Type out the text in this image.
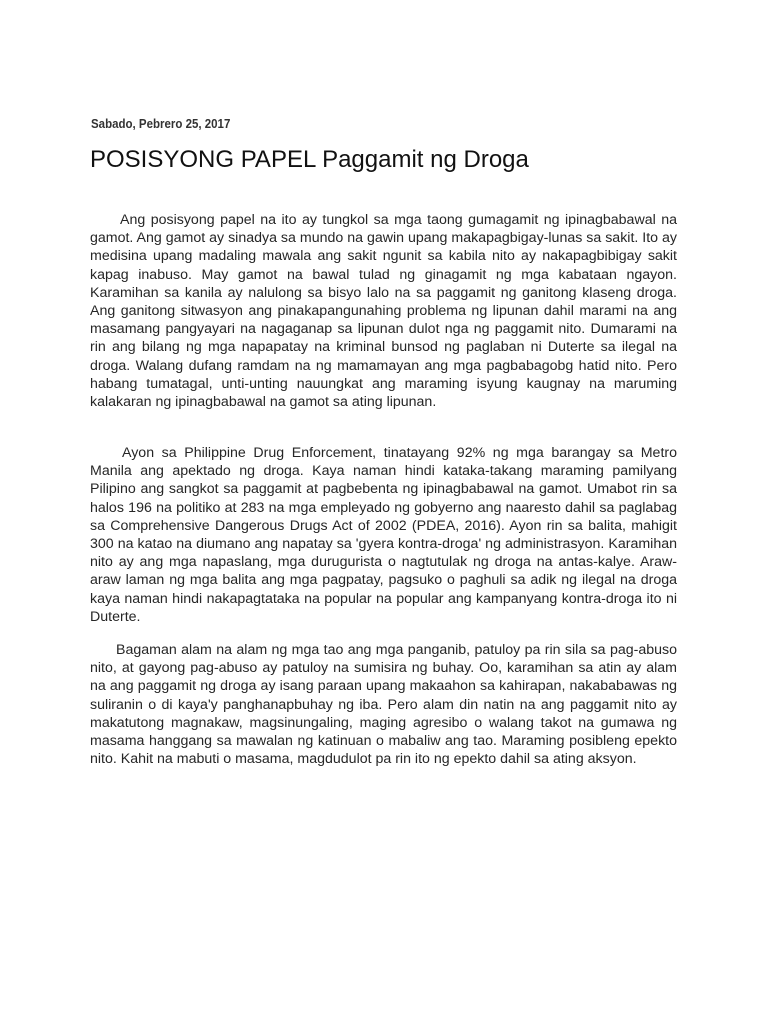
Sabado, Pebrero 25, 2017
POSISYONG PAPEL Paggamit ng Droga

Ang posisyong papel na ito ay tungkol sa mga taong gumagamit ng ipinagbabawal na gamot. Ang gamot ay sinadya sa mundo na gawin upang makapagbigay-lunas sa sakit. Ito ay medisina upang madaling mawala ang sakit ngunit sa kabila nito ay nakapagbibigay sakit kapag inabuso. May gamot na bawal tulad ng ginagamit ng mga kabataan ngayon. Karamihan sa kanila ay nalulong sa bisyo lalo na sa paggamit ng ganitong klaseng droga. Ang ganitong sitwasyon ang pinakapangunahing problema ng lipunan dahil marami na ang masamang pangyayari na nagaganap sa lipunan dulot nga ng paggamit nito. Dumarami na rin ang bilang ng mga napapatay na kriminal bunsod ng paglaban ni Duterte sa ilegal na droga. Walang dufang ramdam na ng mamamayan ang mga pagbabagobg hatid nito. Pero habang tumatagal, unti-unting nauungkat ang maraming isyung kaugnay na maruming kalakaran ng ipinagbabawal na gamot sa ating lipunan.

Ayon sa Philippine Drug Enforcement, tinatayang 92% ng mga barangay sa Metro Manila ang apektado ng droga. Kaya naman hindi kataka-takang maraming pamilyang Pilipino ang sangkot sa paggamit at pagbebenta ng ipinagbabawal na gamot. Umabot rin sa halos 196 na politiko at 283 na mga empleyado ng gobyerno ang naaresto dahil sa paglabag sa Comprehensive Dangerous Drugs Act of 2002 (PDEA, 2016). Ayon rin sa balita, mahigit 300 na katao na diumano ang napatay sa 'gyera kontra-droga' ng administrasyon. Karamihan nito ay ang mga napaslang, mga durugurista o nagtutulak ng droga na antas-kalye. Araw-araw laman ng mga balita ang mga pagpatay, pagsuko o paghuli sa adik ng ilegal na droga kaya naman hindi nakapagtataka na popular na popular ang kampanyang kontra-droga ito ni Duterte.

Bagaman alam na alam ng mga tao ang mga panganib, patuloy pa rin sila sa pag-abuso nito, at gayong pag-abuso ay patuloy na sumisira ng buhay. Oo, karamihan sa atin ay alam na ang paggamit ng droga ay isang paraan upang makaahon sa kahirapan, nakababawas ng suliranin o di kaya'y panghanapbuhay ng iba. Pero alam din natin na ang paggamit nito ay makatutong magnakaw, magsinungaling, maging agresibo o walang takot na gumawa ng masama hanggang sa mawalan ng katinuan o mabaliw ang tao. Maraming posibleng epekto nito. Kahit na mabuti o masama, magdudulot pa rin ito ng epekto dahil sa ating aksyon.
